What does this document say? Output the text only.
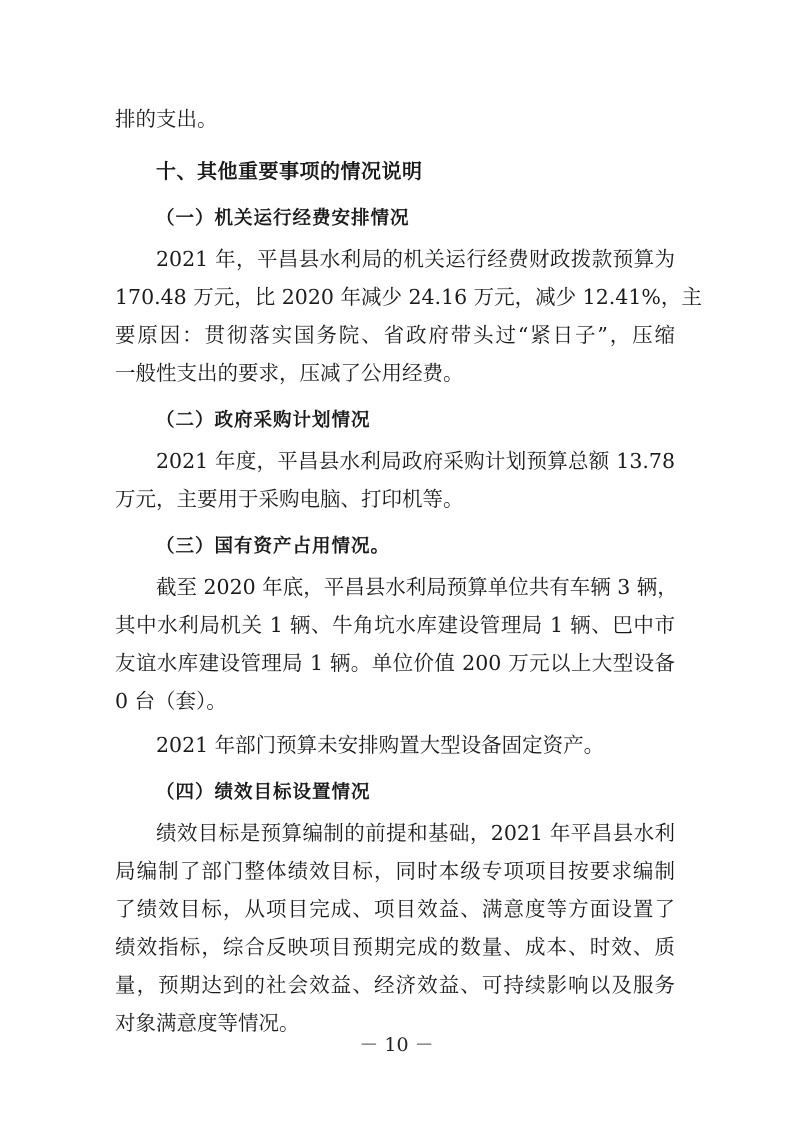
排的支出。
十、其他重要事项的情况说明
（一）机关运行经费安排情况
2021 年，平昌县水利局的机关运行经费财政拨款预算为
170.48 万元，比 2020 年减少 24.16 万元，减少 12.41%，主
要原因：贯彻落实国务院、省政府带头过“紧日子”，压缩
一般性支出的要求，压减了公用经费。
（二）政府采购计划情况
2021 年度，平昌县水利局政府采购计划预算总额 13.78
万元，主要用于采购电脑、打印机等。
（三）国有资产占用情况。
截至 2020 年底，平昌县水利局预算单位共有车辆 3 辆，
其中水利局机关 1 辆、牛角坑水库建设管理局 1 辆、巴中市
友谊水库建设管理局 1 辆。单位价值 200 万元以上大型设备
0 台（套）。
2021 年部门预算未安排购置大型设备固定资产。
（四）绩效目标设置情况
绩效目标是预算编制的前提和基础，2021 年平昌县水利
局编制了部门整体绩效目标，同时本级专项项目按要求编制
了绩效目标，从项目完成、项目效益、满意度等方面设置了
绩效指标，综合反映项目预期完成的数量、成本、时效、质
量，预期达到的社会效益、经济效益、可持续影响以及服务
对象满意度等情况。
－ 10 －
